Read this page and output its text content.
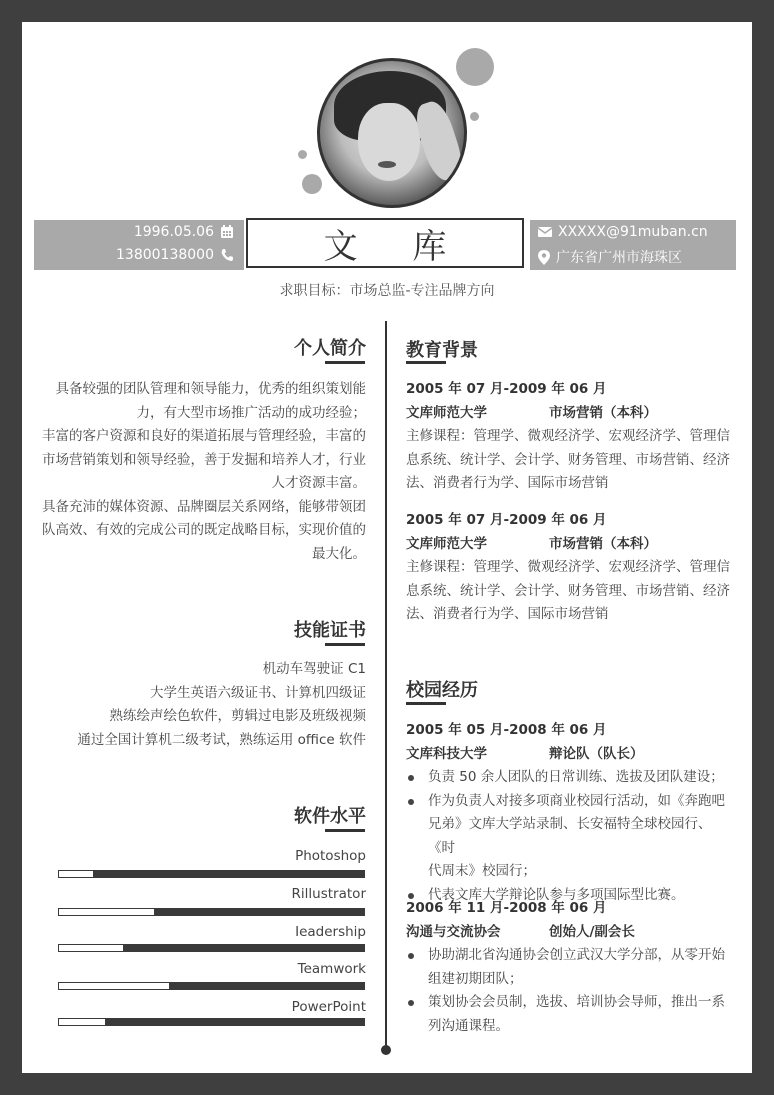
1996.05.06
13800138000	文 库	XXXXX@91muban.cn
广东省广州市海珠区
求职目标：市场总监-专注品牌方向
个人简介
具备较强的团队管理和领导能力，优秀的组织策划能
力，有大型市场推广活动的成功经验；
丰富的客户资源和良好的渠道拓展与管理经验，丰富的
市场营销策划和领导经验，善于发掘和培养人才，行业
人才资源丰富。
具备充沛的媒体资源、品牌圈层关系网络，能够带领团
队高效、有效的完成公司的既定战略目标，实现价值的
最大化。
技能证书
机动车驾驶证 C1
大学生英语六级证书、计算机四级证
熟练绘声绘色软件，剪辑过电影及班级视频
通过全国计算机二级考试，熟练运用 office 软件
软件水平
Photoshop
Rillustrator
Ieadership
Teamwork
PowerPoint
教育背景
2005 年 07 月-2009 年 06 月
文库师范大学	市场营销（本科）
主修课程：管理学、微观经济学、宏观经济学、管理信
息系统、统计学、会计学、财务管理、市场营销、经济
法、消费者行为学、国际市场营销
2005 年 07 月-2009 年 06 月
文库师范大学	市场营销（本科）
主修课程：管理学、微观经济学、宏观经济学、管理信
息系统、统计学、会计学、财务管理、市场营销、经济
法、消费者行为学、国际市场营销
校园经历
2005 年 05 月-2008 年 06 月
文库科技大学	辩论队（队长）
负责 50 余人团队的日常训练、选拔及团队建设；
作为负责人对接多项商业校园行活动，如《奔跑吧
兄弟》文库大学站录制、长安福特全球校园行、《时
代周末》校园行；
代表文库大学辩论队参与多项国际型比赛。
2006 年 11 月-2008 年 06 月
沟通与交流协会	创始人/副会长
协助湖北省沟通协会创立武汉大学分部，从零开始
组建初期团队；
策划协会会员制，选拔、培训协会导师，推出一系
列沟通课程。
